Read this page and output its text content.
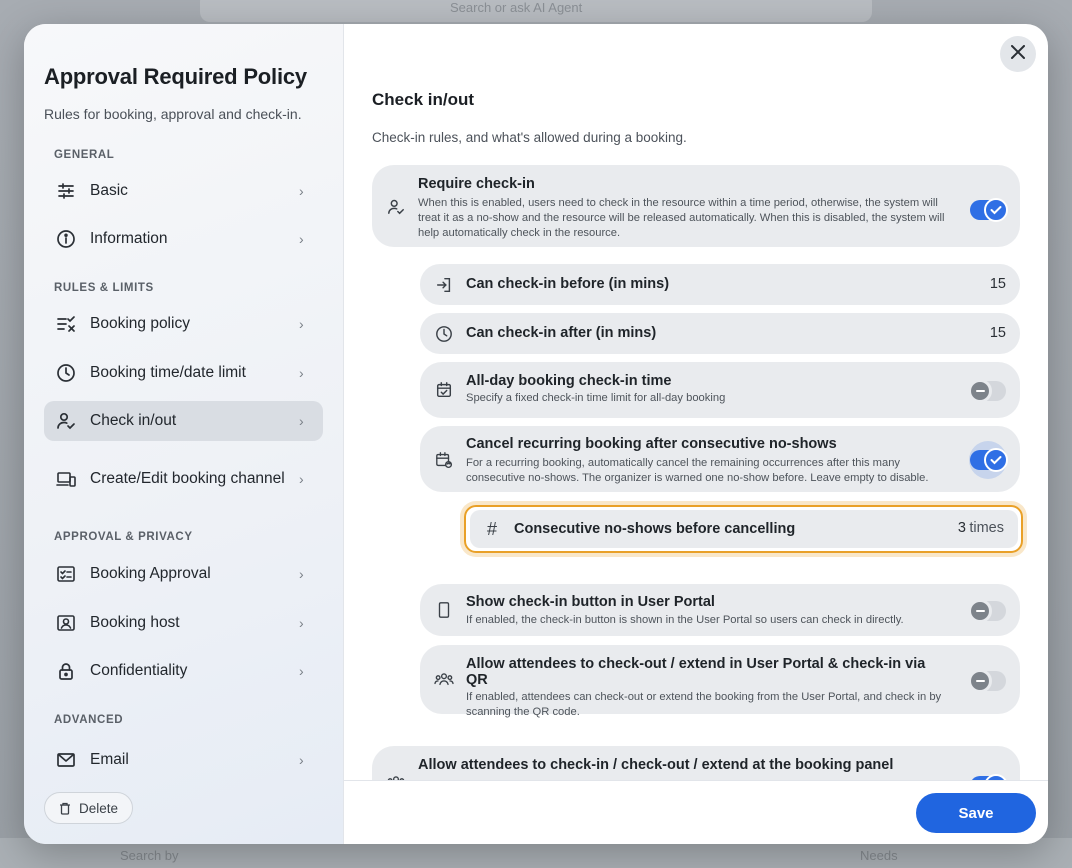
Search or ask AI Agent
Search by	Needs
Approval Required Policy
Rules for booking, approval and check-in.
GENERAL
Basic	›
Information	›
RULES & LIMITS
Booking policy	›
Booking time/date limit	›
Check in/out	›
Create/Edit booking channel	›
APPROVAL & PRIVACY
Booking Approval	›
Booking host	›
Confidentiality	›
ADVANCED
Email	›
Delete
Check in/out
Check-in rules, and what's allowed during a booking.
Require check-in
When this is enabled, users need to check in the resource within a time period, otherwise, the system will treat it as a no-show and the resource will be released automatically. When this is disabled, the system will help automatically check in the resource.
Can check-in before (in mins)	15
Can check-in after (in mins)	15
All-day booking check-in time
Specify a fixed check-in time limit for all-day booking
Cancel recurring booking after consecutive no-shows
For a recurring booking, automatically cancel the remaining occurrences after this many consecutive no-shows. The organizer is warned one no-show before. Leave empty to disable.
#	Consecutive no-shows before cancelling	3 times
Show check-in button in User Portal
If enabled, the check-in button is shown in the User Portal so users can check in directly.
Allow attendees to check-out / extend in User Portal & check-in via QR
If enabled, attendees can check-out or extend the booking from the User Portal, and check in by scanning the QR code.
Allow attendees to check-in / check-out / extend at the booking panel
Save
